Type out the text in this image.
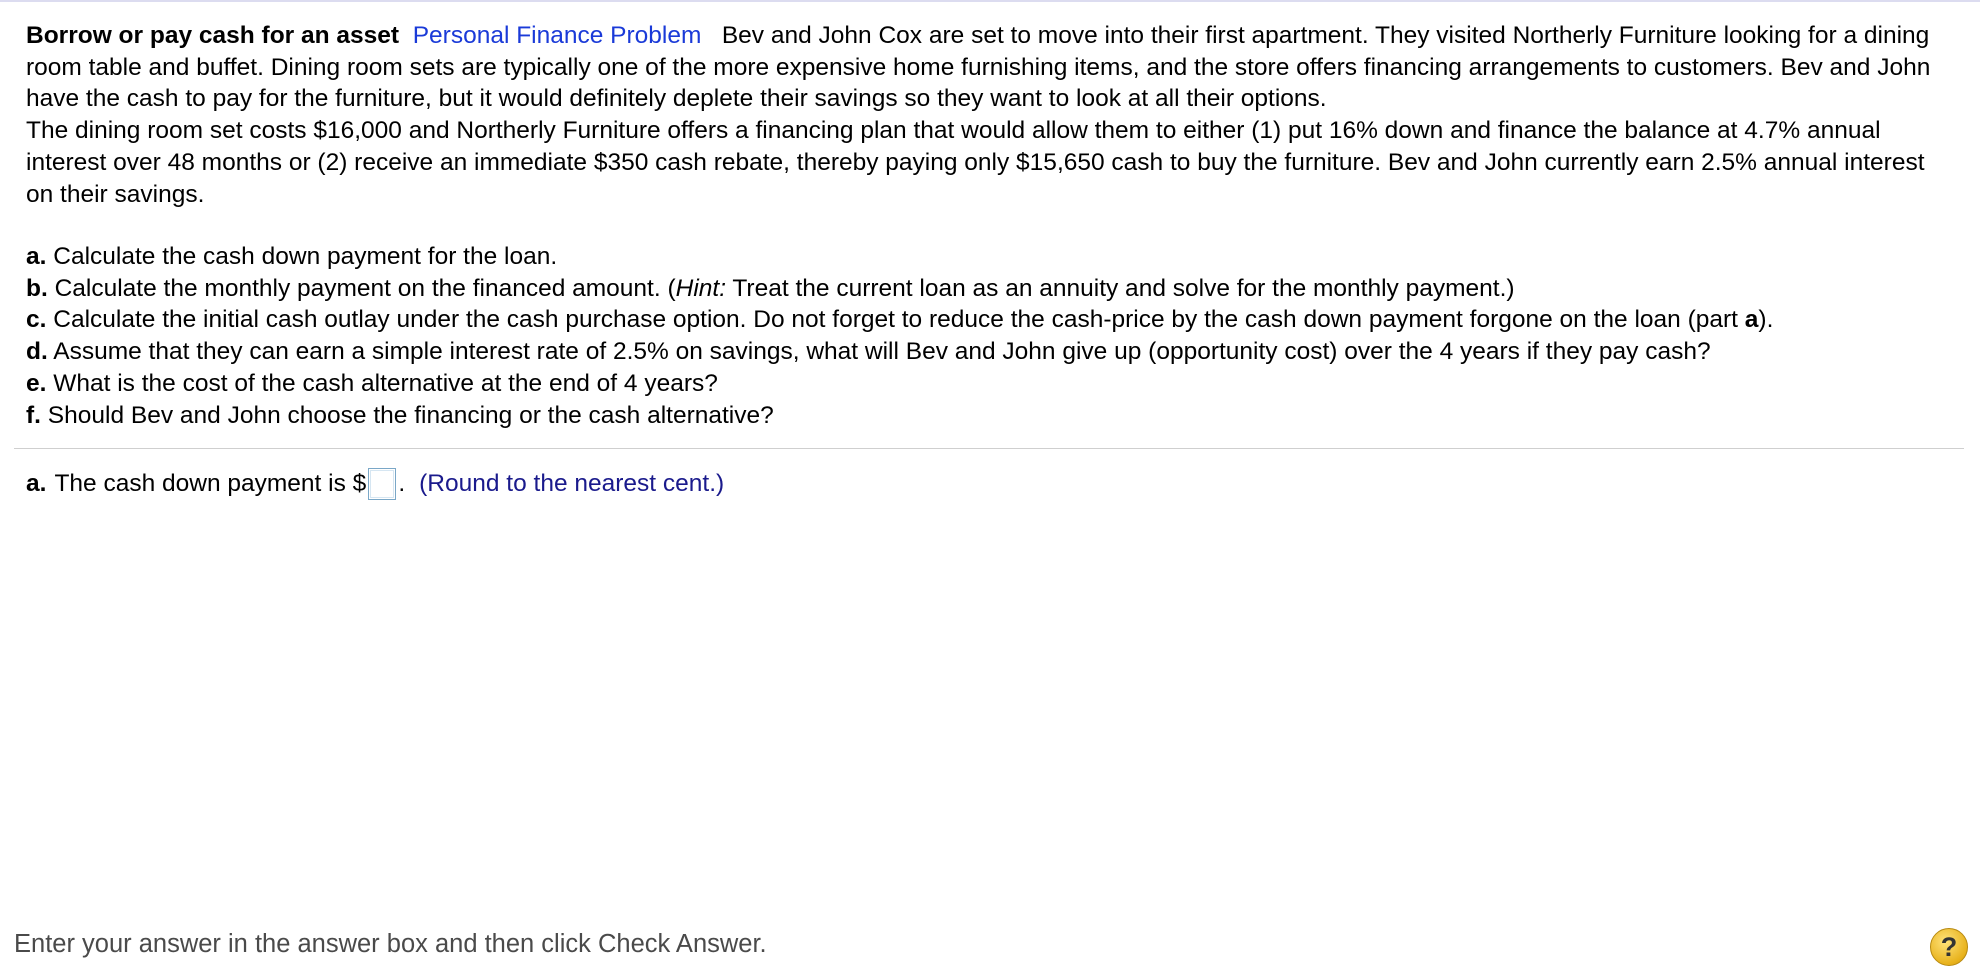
Borrow or pay cash for an asset Personal Finance Problem Bev and John Cox are set to move into their first apartment. They visited Northerly Furniture looking for a dining room table and buffet. Dining room sets are typically one of the more expensive home furnishing items, and the store offers financing arrangements to customers. Bev and John have the cash to pay for the furniture, but it would definitely deplete their savings so they want to look at all their options.

The dining room set costs $16,000 and Northerly Furniture offers a financing plan that would allow them to either (1) put 16% down and finance the balance at 4.7% annual interest over 48 months or (2) receive an immediate $350 cash rebate, thereby paying only $15,650 cash to buy the furniture. Bev and John currently earn 2.5% annual interest on their savings.

a. Calculate the cash down payment for the loan.
b. Calculate the monthly payment on the financed amount. (Hint: Treat the current loan as an annuity and solve for the monthly payment.)
c. Calculate the initial cash outlay under the cash purchase option. Do not forget to reduce the cash-price by the cash down payment forgone on the loan (part a).
d. Assume that they can earn a simple interest rate of 2.5% on savings, what will Bev and John give up (opportunity cost) over the 4 years if they pay cash?
e. What is the cost of the cash alternative at the end of 4 years?
f. Should Bev and John choose the financing or the cash alternative?
a. The cash down payment is $ . (Round to the nearest cent.)
Enter your answer in the answer box and then click Check Answer.	?
